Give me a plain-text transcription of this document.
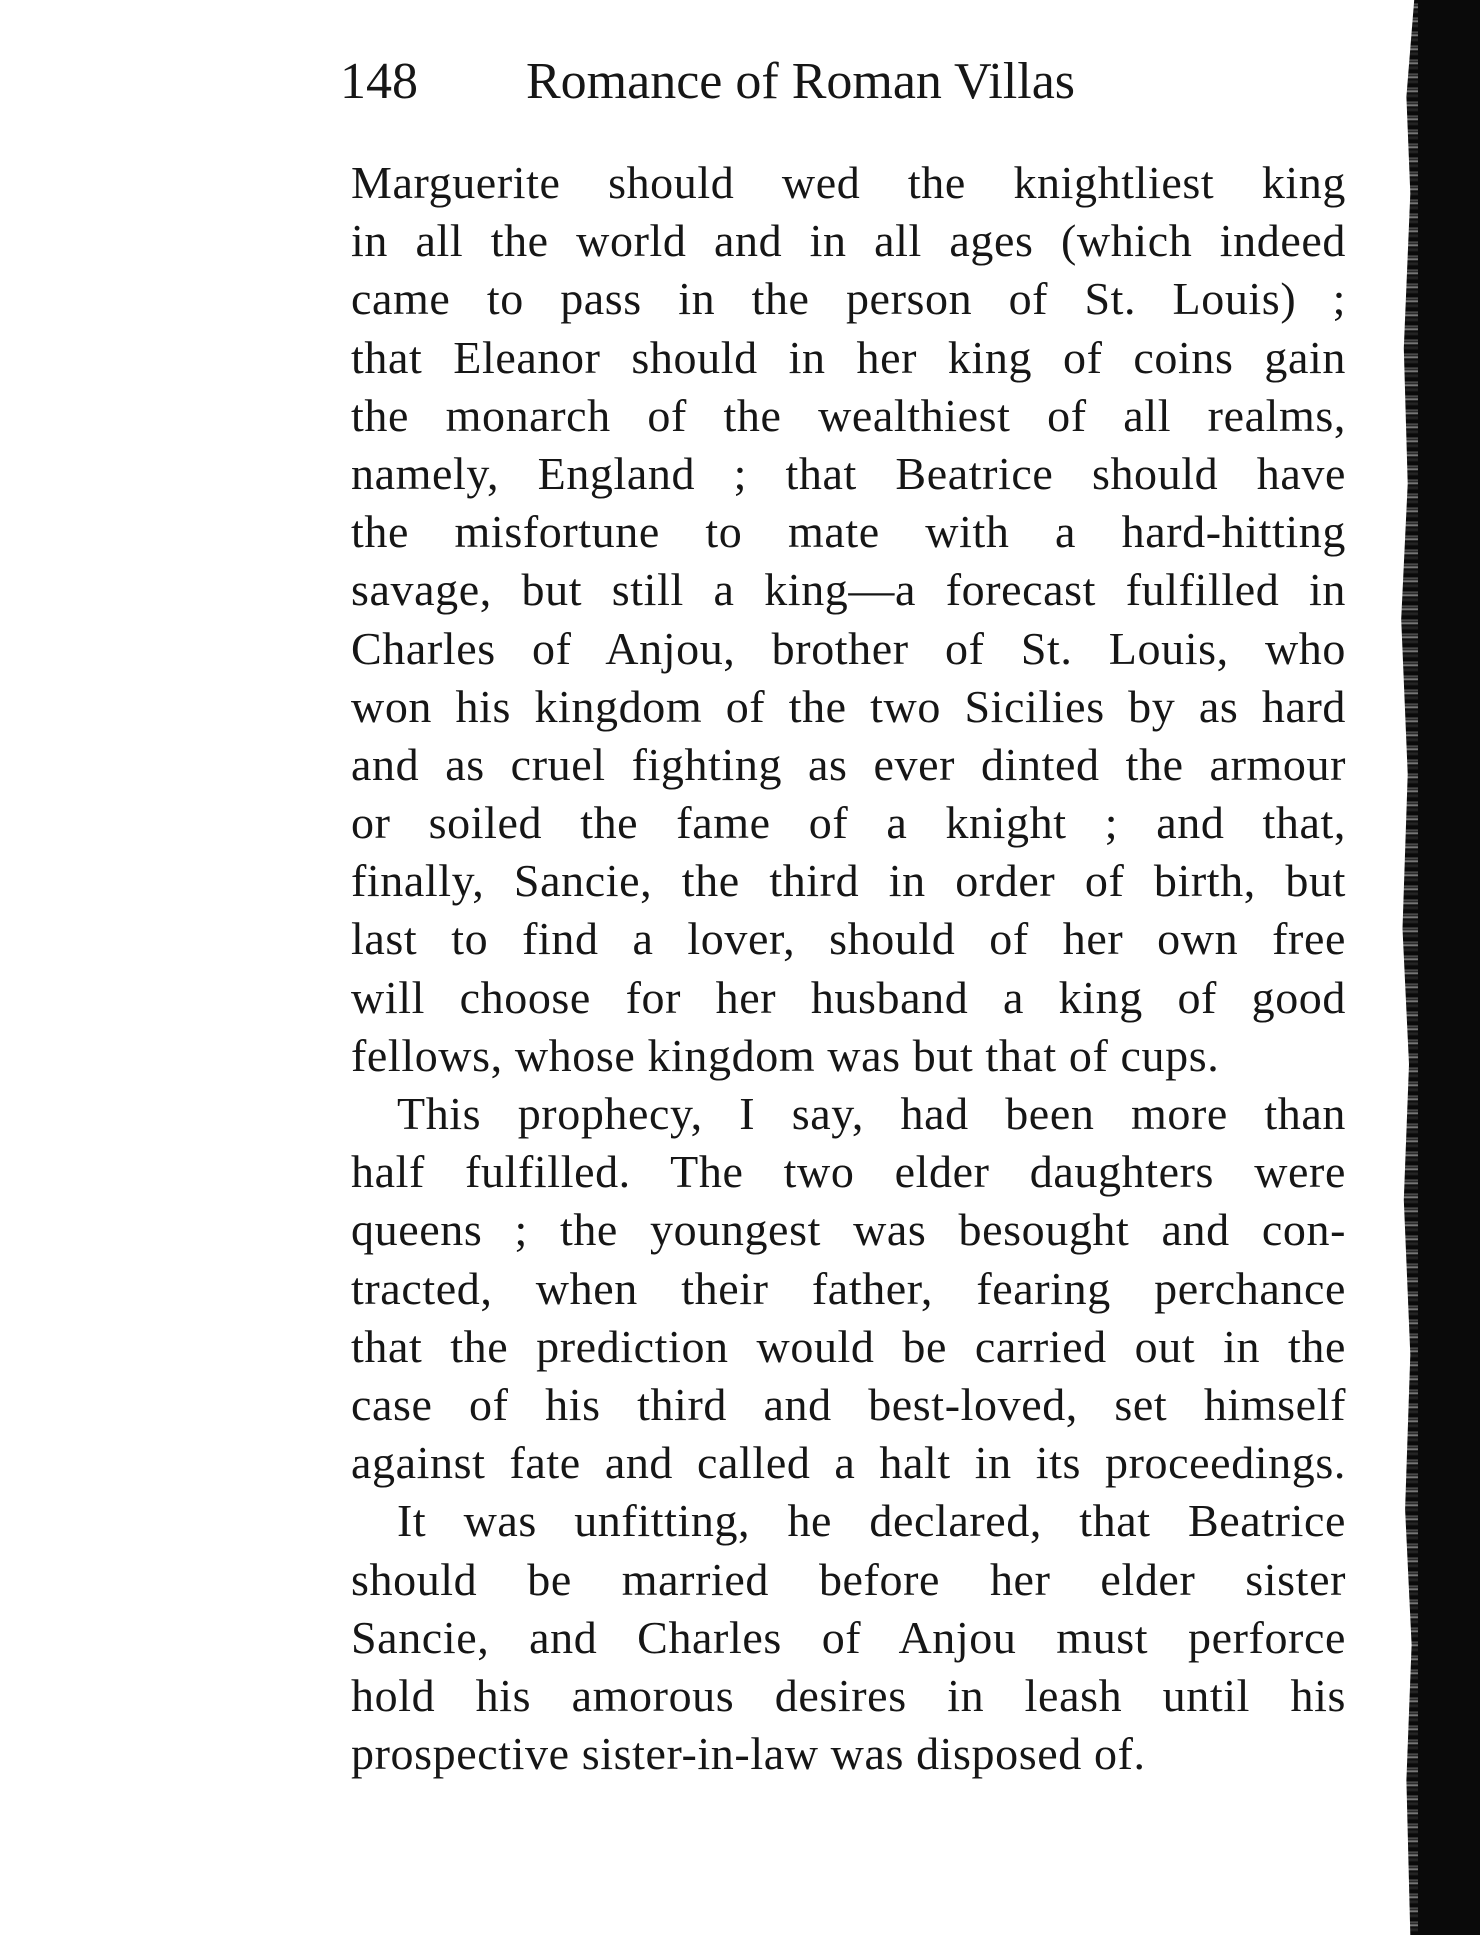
148 Romance of Roman Villas
Marguerite should wed the knightliest king
in all the world and in all ages (which indeed
came to pass in the person of St. Louis) ;
that Eleanor should in her king of coins gain
the monarch of the wealthiest of all realms,
namely, England ; that Beatrice should have
the misfortune to mate with a hard-hitting
savage, but still a king—a forecast fulfilled in
Charles of Anjou, brother of St. Louis, who
won his kingdom of the two Sicilies by as hard
and as cruel fighting as ever dinted the armour
or soiled the fame of a knight ; and that,
finally, Sancie, the third in order of birth, but
last to find a lover, should of her own free
will choose for her husband a king of good
fellows, whose kingdom was but that of cups.
This prophecy, I say, had been more than
half fulfilled. The two elder daughters were
queens ; the youngest was besought and con-
tracted, when their father, fearing perchance
that the prediction would be carried out in the
case of his third and best-loved, set himself
against fate and called a halt in its proceedings.
It was unfitting, he declared, that Beatrice
should be married before her elder sister
Sancie, and Charles of Anjou must perforce
hold his amorous desires in leash until his
prospective sister-in-law was disposed of.
